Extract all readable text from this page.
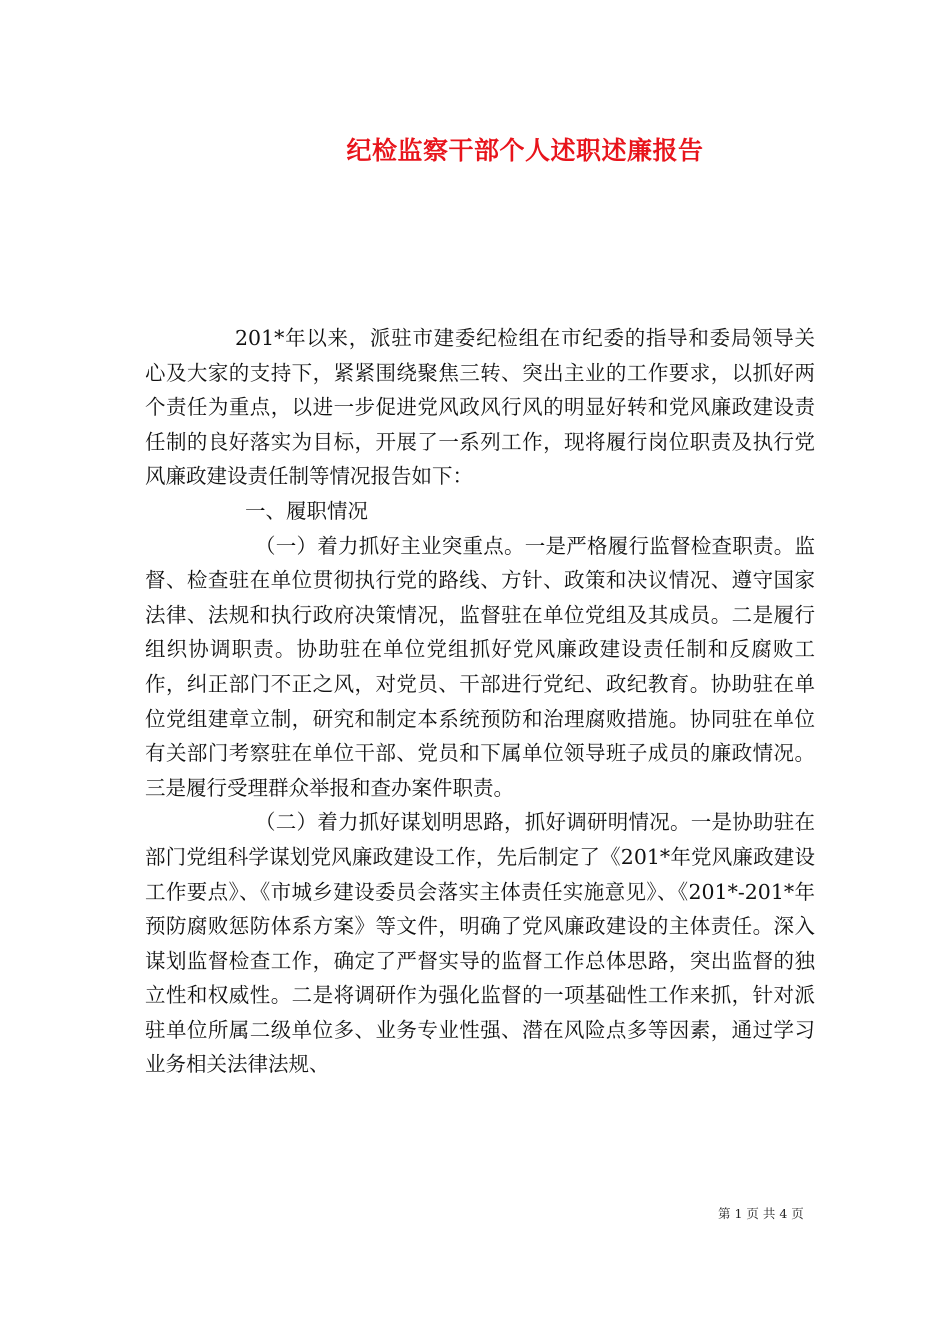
纪检监察干部个人述职述廉报告

201*年以来，派驻市建委纪检组在市纪委的指导和委局领导关心及大家的支持下，紧紧围绕聚焦三转、突出主业的工作要求，以抓好两个责任为重点，以进一步促进党风政风行风的明显好转和党风廉政建设责任制的良好落实为目标，开展了一系列工作，现将履行岗位职责及执行党风廉政建设责任制等情况报告如下：

一、履职情况

（一）着力抓好主业突重点。一是严格履行监督检查职责。监督、检查驻在单位贯彻执行党的路线、方针、政策和决议情况、遵守国家法律、法规和执行政府决策情况，监督驻在单位党组及其成员。二是履行组织协调职责。协助驻在单位党组抓好党风廉政建设责任制和反腐败工作，纠正部门不正之风，对党员、干部进行党纪、政纪教育。协助驻在单位党组建章立制，研究和制定本系统预防和治理腐败措施。协同驻在单位有关部门考察驻在单位干部、党员和下属单位领导班子成员的廉政情况。三是履行受理群众举报和查办案件职责。

（二）着力抓好谋划明思路，抓好调研明情况。一是协助驻在部门党组科学谋划党风廉政建设工作，先后制定了《201*年党风廉政建设工作要点》、《市城乡建设委员会落实主体责任实施意见》、《201*-201*年预防腐败惩防体系方案》等文件，明确了党风廉政建设的主体责任。深入谋划监督检查工作，确定了严督实导的监督工作总体思路，突出监督的独立性和权威性。二是将调研作为强化监督的一项基础性工作来抓，针对派驻单位所属二级单位多、业务专业性强、潜在风险点多等因素，通过学习业务相关法律法规、

第 1 页 共 4 页
